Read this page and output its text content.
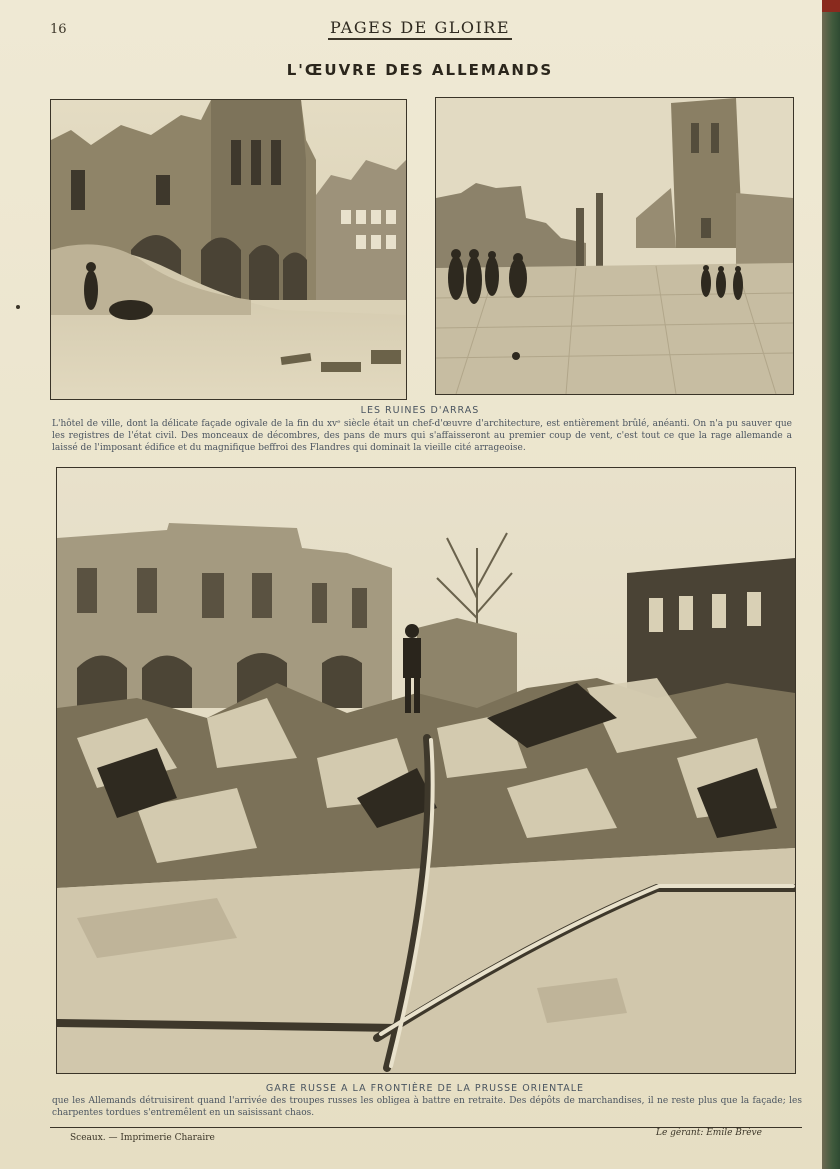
16	PAGES DE GLOIRE
L'ŒUVRE DES ALLEMANDS
LES RUINES D'ARRAS
L'hôtel de ville, dont la délicate façade ogivale de la fin du xvᵉ siècle était un chef-d'œuvre d'architecture, est entièrement brûlé, anéanti. On n'a pu sauver que les registres de l'état civil. Des monceaux de décombres, des pans de murs qui s'affaisseront au premier coup de vent, c'est tout ce que la rage allemande a laissé de l'imposant édifice et du magnifique beffroi des Flandres qui dominait la vieille cité arrageoise.
GARE RUSSE A LA FRONTIÈRE DE LA PRUSSE ORIENTALE
que les Allemands détruisirent quand l'arrivée des troupes russes les obligea à battre en retraite. Des dépôts de marchandises, il ne reste plus que la façade; les charpentes tordues s'entremêlent en un saisissant chaos.
Sceaux. — Imprimerie Charaire	Le gérant: Emile Brève
